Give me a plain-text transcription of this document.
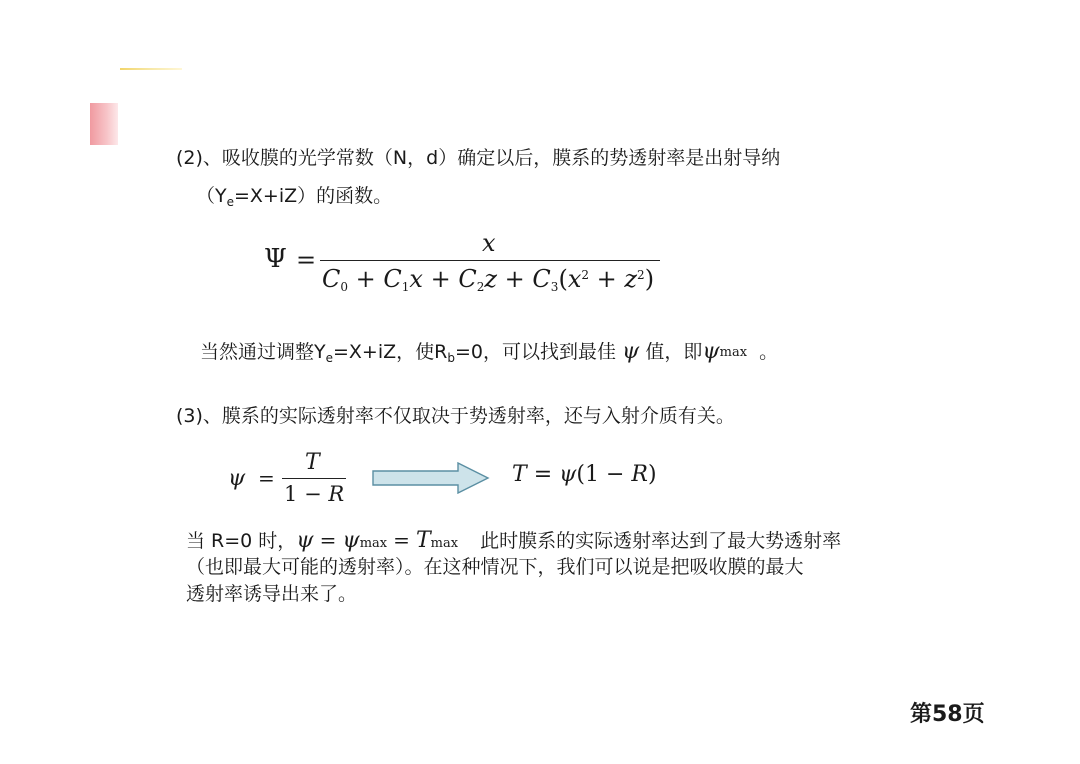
(2)、吸收膜的光学常数（N，d）确定以后，膜系的势透射率是出射导纳
$(Y_e=X+iZ)$的函数。
Ψ =
x
$C_0 + C_1x + C_2z + C_3(x^2 + z^2)$
当然通过调整$Y_e=X+iZ$，使$R_b=0$，可以找到最佳 ψ 值，即ψmax 。
(3)、膜系的实际透射率不仅取决于势透射率，还与入射介质有关。
ψ =
T
1 − R
T = ψ(1 − R)
当 R=0 时，ψ = ψmax = Tmax 此时膜系的实际透射率达到了最大势透射率
（也即最大可能的透射率）。在这种情况下，我们可以说是把吸收膜的最大
透射率诱导出来了。
第58页
